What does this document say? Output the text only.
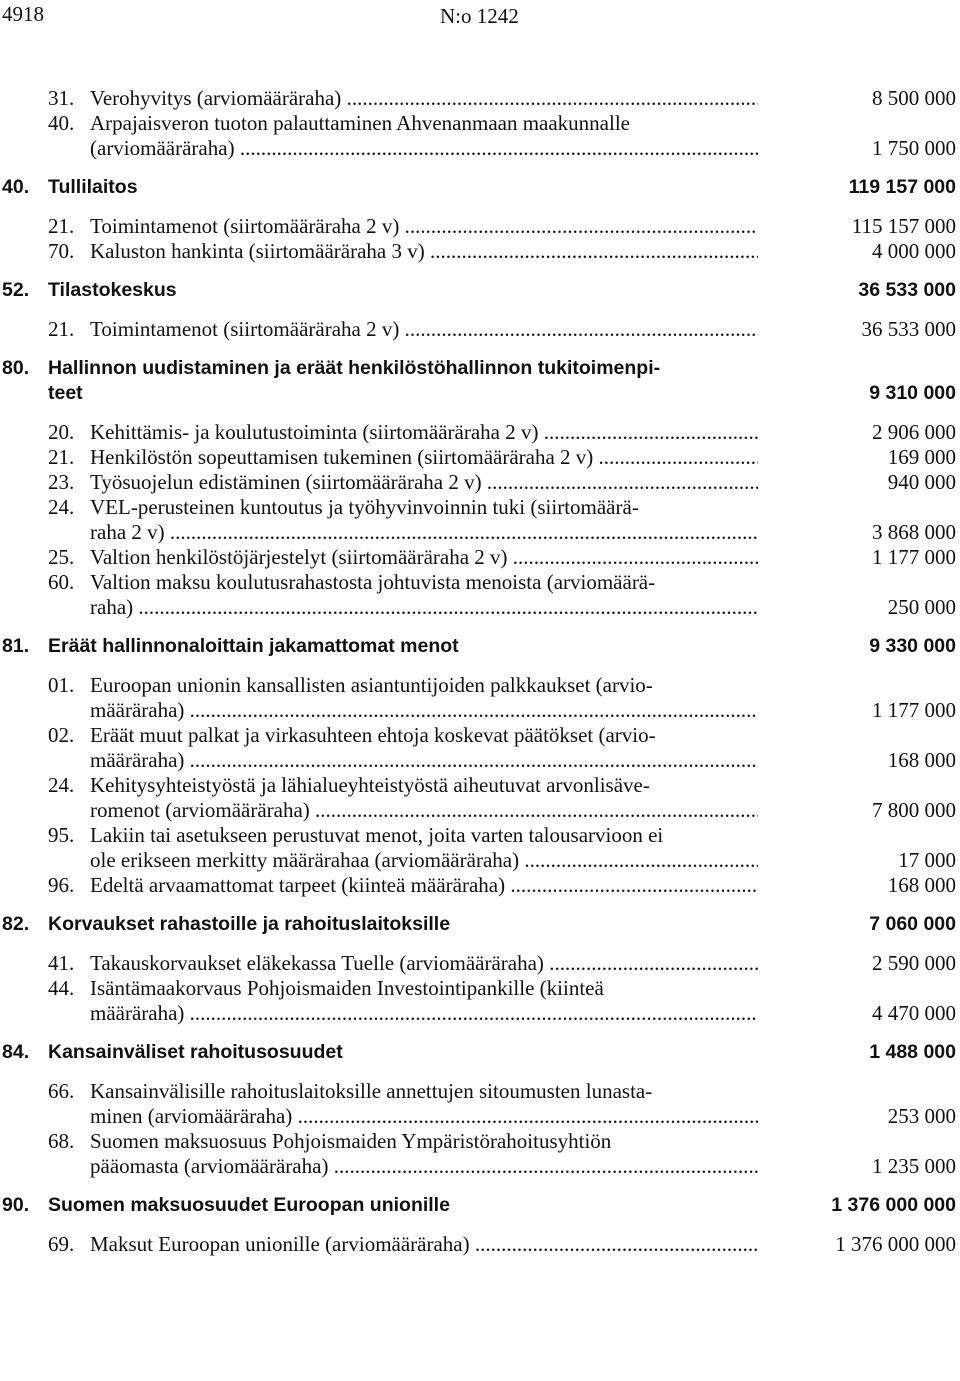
4918	N:o 1242
31. Verohyvitys (arviomääräraha) .....	8 500 000
40. Arpajaisveron tuoton palauttaminen Ahvenanmaan maakunnalle
(arviomääräraha) .....	1 750 000
40. Tullilaitos	119 157 000
21. Toimintamenot (siirtomääräraha 2 v) .....	115 157 000
70. Kaluston hankinta (siirtomääräraha 3 v) .....	4 000 000
52. Tilastokeskus	36 533 000
21. Toimintamenot (siirtomääräraha 2 v) .....	36 533 000
80. Hallinnon uudistaminen ja eräät henkilöstöhallinnon tukitoimenpi-
teet	9 310 000
20. Kehittämis- ja koulutustoiminta (siirtomääräraha 2 v) .....	2 906 000
21. Henkilöstön sopeuttamisen tukeminen (siirtomääräraha 2 v) .....	169 000
23. Työsuojelun edistäminen (siirtomääräraha 2 v) .....	940 000
24. VEL-perusteinen kuntoutus ja työhyvinvoinnin tuki (siirtomäärä-
raha 2 v) .....	3 868 000
25. Valtion henkilöstöjärjestelyt (siirtomääräraha 2 v) .....	1 177 000
60. Valtion maksu koulutusrahastosta johtuvista menoista (arviomäärä-
raha) .....	250 000
81. Eräät hallinnonaloittain jakamattomat menot	9 330 000
01. Euroopan unionin kansallisten asiantuntijoiden palkkaukset (arvio-
määräraha) .....	1 177 000
02. Eräät muut palkat ja virkasuhteen ehtoja koskevat päätökset (arvio-
määräraha) .....	168 000
24. Kehitysyhteistyöstä ja lähialueyhteistyöstä aiheutuvat arvonlisäve-
romenot (arviomääräraha) .....	7 800 000
95. Lakiin tai asetukseen perustuvat menot, joita varten talousarvioon ei
ole erikseen merkitty määrärahaa (arviomääräraha) .....	17 000
96. Edeltä arvaamattomat tarpeet (kiinteä määräraha) .....	168 000
82. Korvaukset rahastoille ja rahoituslaitoksille	7 060 000
41. Takauskorvaukset eläkekassa Tuelle (arviomääräraha) .....	2 590 000
44. Isäntämaakorvaus Pohjoismaiden Investointipankille (kiinteä
määräraha) .....	4 470 000
84. Kansainväliset rahoitusosuudet	1 488 000
66. Kansainvälisille rahoituslaitoksille annettujen sitoumusten lunasta-
minen (arviomääräraha) .....	253 000
68. Suomen maksuosuus Pohjoismaiden Ympäristörahoitusyhtiön
pääomasta (arviomääräraha) .....	1 235 000
90. Suomen maksuosuudet Euroopan unionille	1 376 000 000
69. Maksut Euroopan unionille (arviomääräraha) .....	1 376 000 000
